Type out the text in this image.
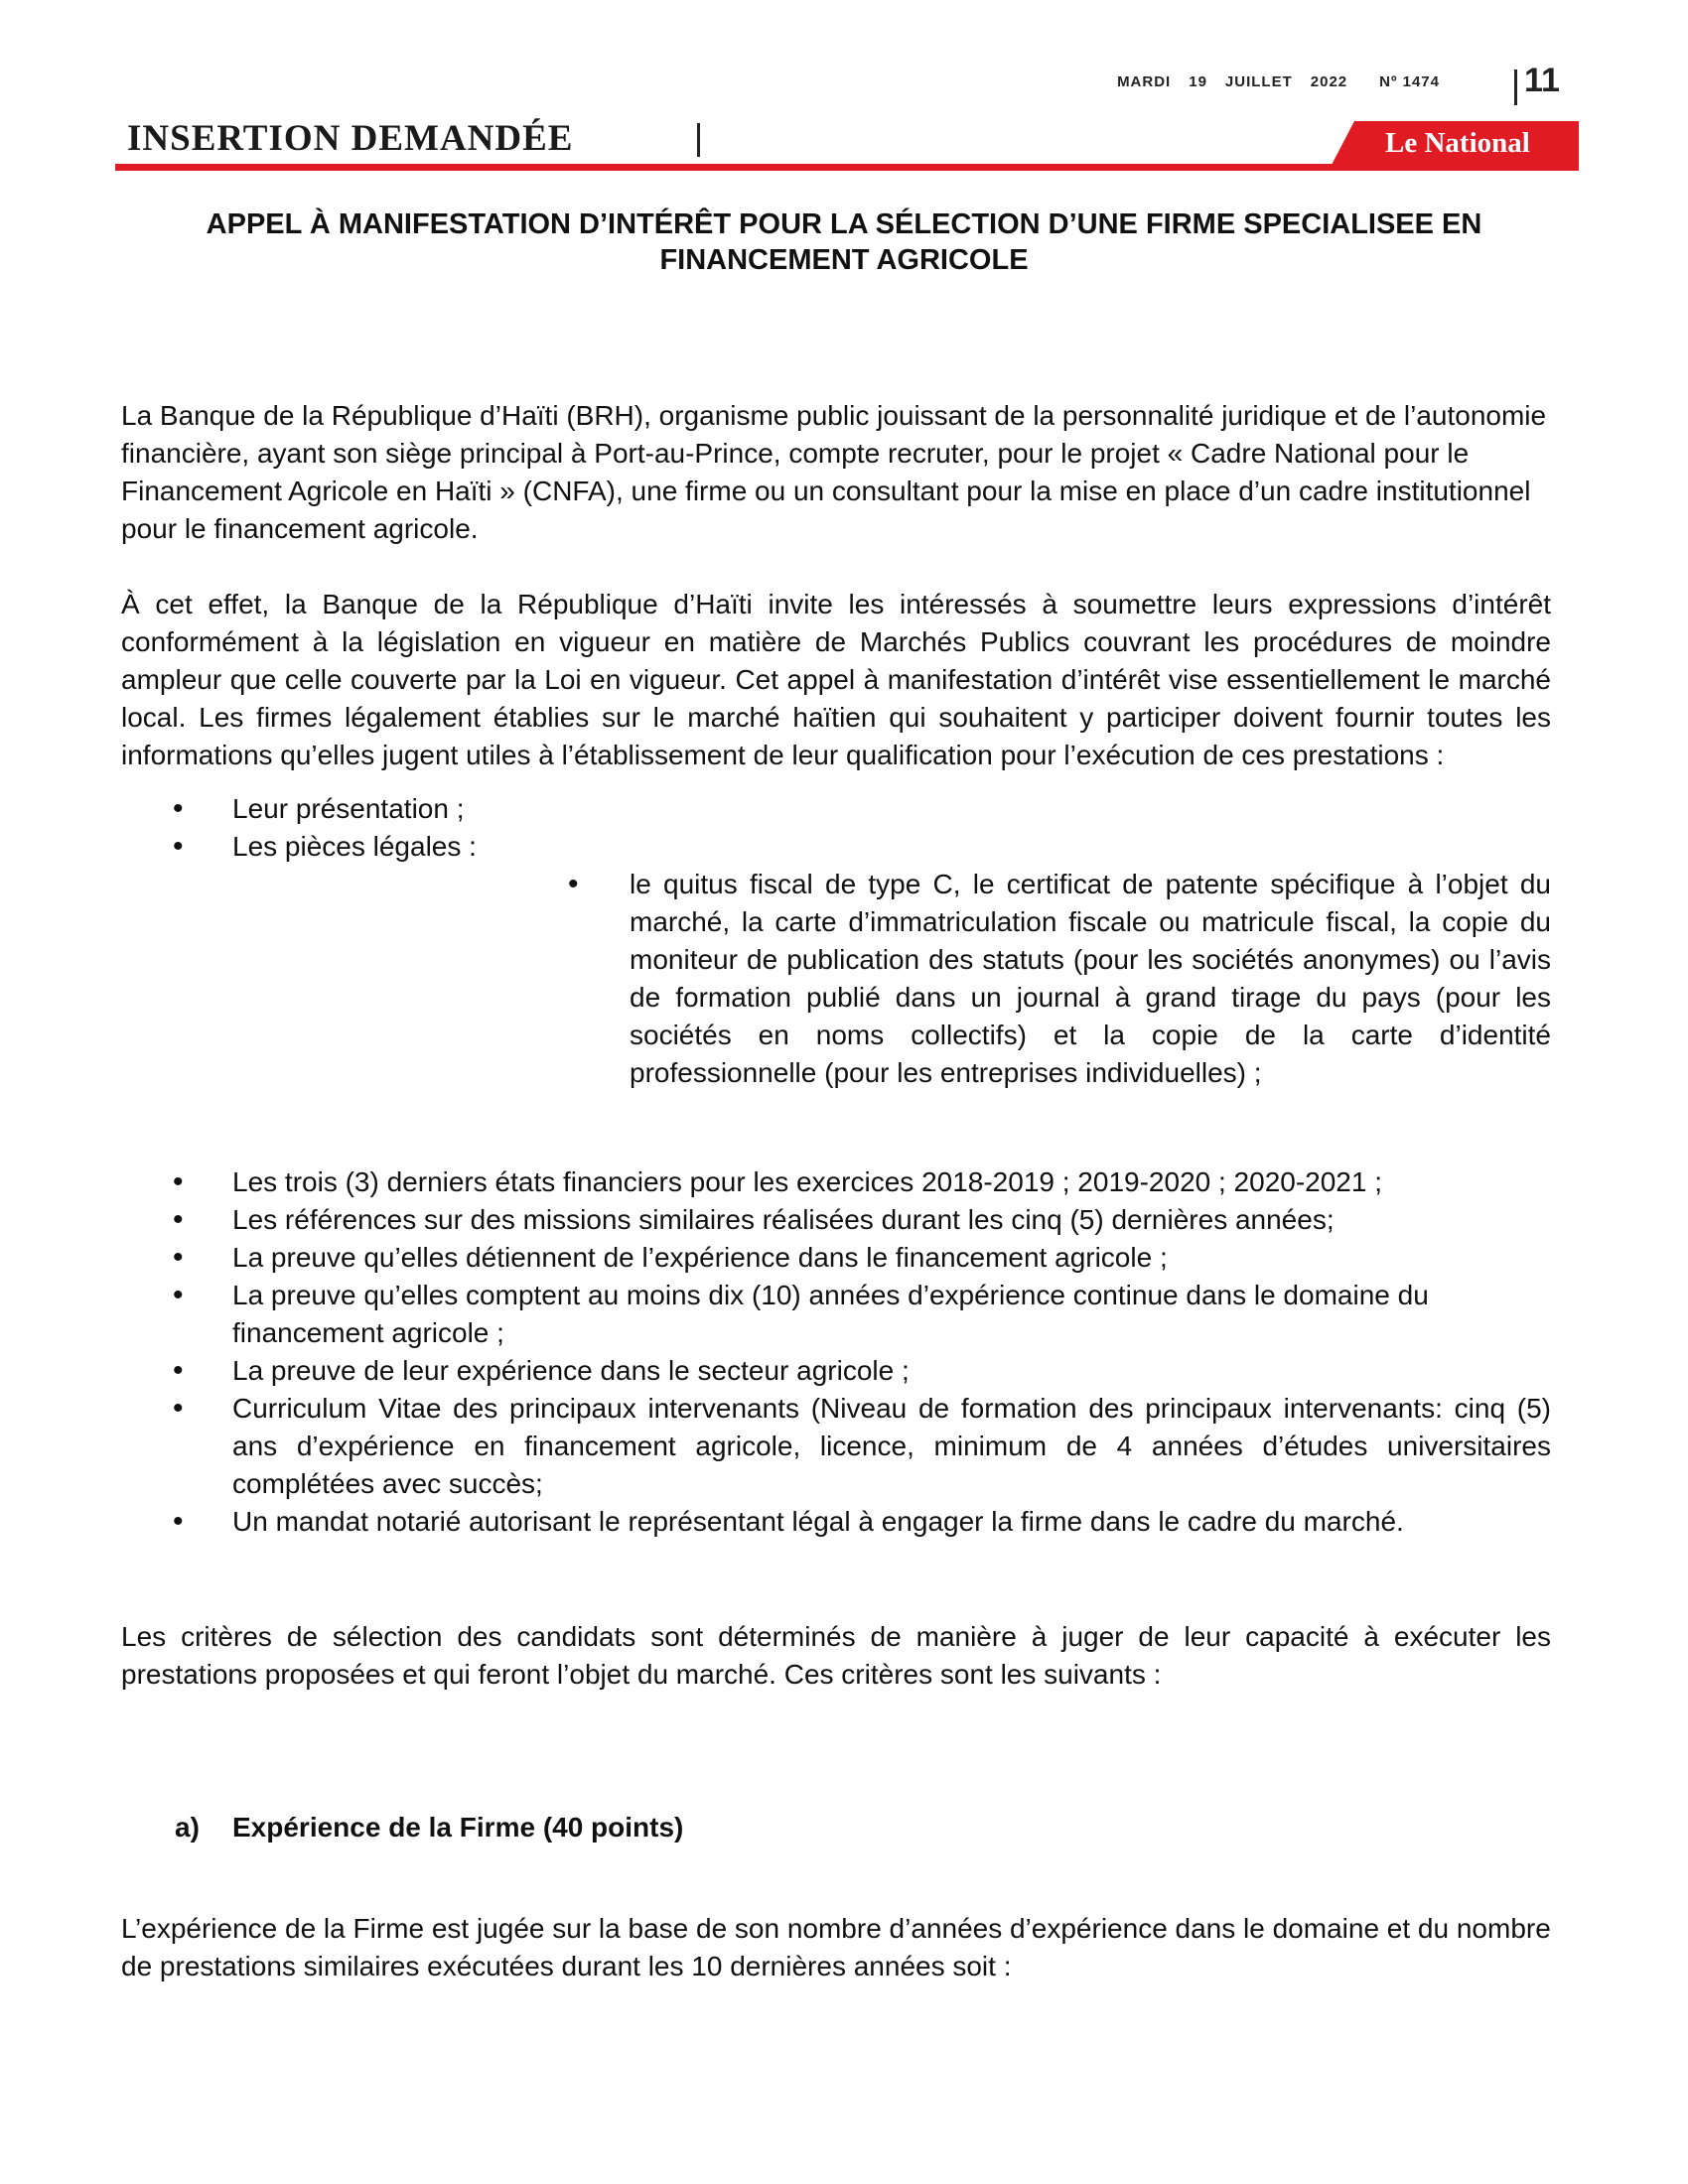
MARDI 19 JUILLET 2022 Nº 1474	11
INSERTION DEMANDÉE	Le National
APPEL À MANIFESTATION D’INTÉRÊT POUR LA SÉLECTION D’UNE FIRME SPECIALISEE EN
FINANCEMENT AGRICOLE

La Banque de la République d’Haïti (BRH), organisme public jouissant de la personnalité juridique et de l’autonomie financière, ayant son siège principal à Port-au-Prince, compte recruter, pour le projet « Cadre National pour le Financement Agricole en Haïti » (CNFA), une firme ou un consultant pour la mise en place d’un cadre institutionnel pour le financement agricole.

À cet effet, la Banque de la République d’Haïti invite les intéressés à soumettre leurs expressions d’intérêt conformément à la législation en vigueur en matière de Marchés Publics couvrant les procédures de moindre ampleur que celle couverte par la Loi en vigueur. Cet appel à manifestation d’intérêt vise essentiellement le marché local. Les firmes légalement établies sur le marché haïtien qui souhaitent y participer doivent fournir toutes les informations qu’elles jugent utiles à l’établissement de leur qualification pour l’exécution de ces prestations :

• Leur présentation ;
• Les pièces légales :
• le quitus fiscal de type C, le certificat de patente spécifique à l’objet du marché, la carte d’immatriculation fiscale ou matricule fiscal, la copie du moniteur de publication des statuts (pour les sociétés anonymes) ou l’avis de formation publié dans un journal à grand tirage du pays (pour les sociétés en noms collectifs) et la copie de la carte d’identité professionnelle (pour les entreprises individuelles) ;
• Les trois (3) derniers états financiers pour les exercices 2018-2019 ; 2019-2020 ; 2020-2021 ;
• Les références sur des missions similaires réalisées durant les cinq (5) dernières années;
• La preuve qu’elles détiennent de l’expérience dans le financement agricole ;
• La preuve qu’elles comptent au moins dix (10) années d’expérience continue dans le domaine du financement agricole ;
• La preuve de leur expérience dans le secteur agricole ;
• Curriculum Vitae des principaux intervenants (Niveau de formation des principaux intervenants: cinq (5) ans d’expérience en financement agricole, licence, minimum de 4 années d’études universitaires complétées avec succès;
• Un mandat notarié autorisant le représentant légal à engager la firme dans le cadre du marché.

Les critères de sélection des candidats sont déterminés de manière à juger de leur capacité à exécuter les prestations proposées et qui feront l’objet du marché. Ces critères sont les suivants :

a) Expérience de la Firme (40 points)

L’expérience de la Firme est jugée sur la base de son nombre d’années d’expérience dans le domaine et du nombre de prestations similaires exécutées durant les 10 dernières années soit :
